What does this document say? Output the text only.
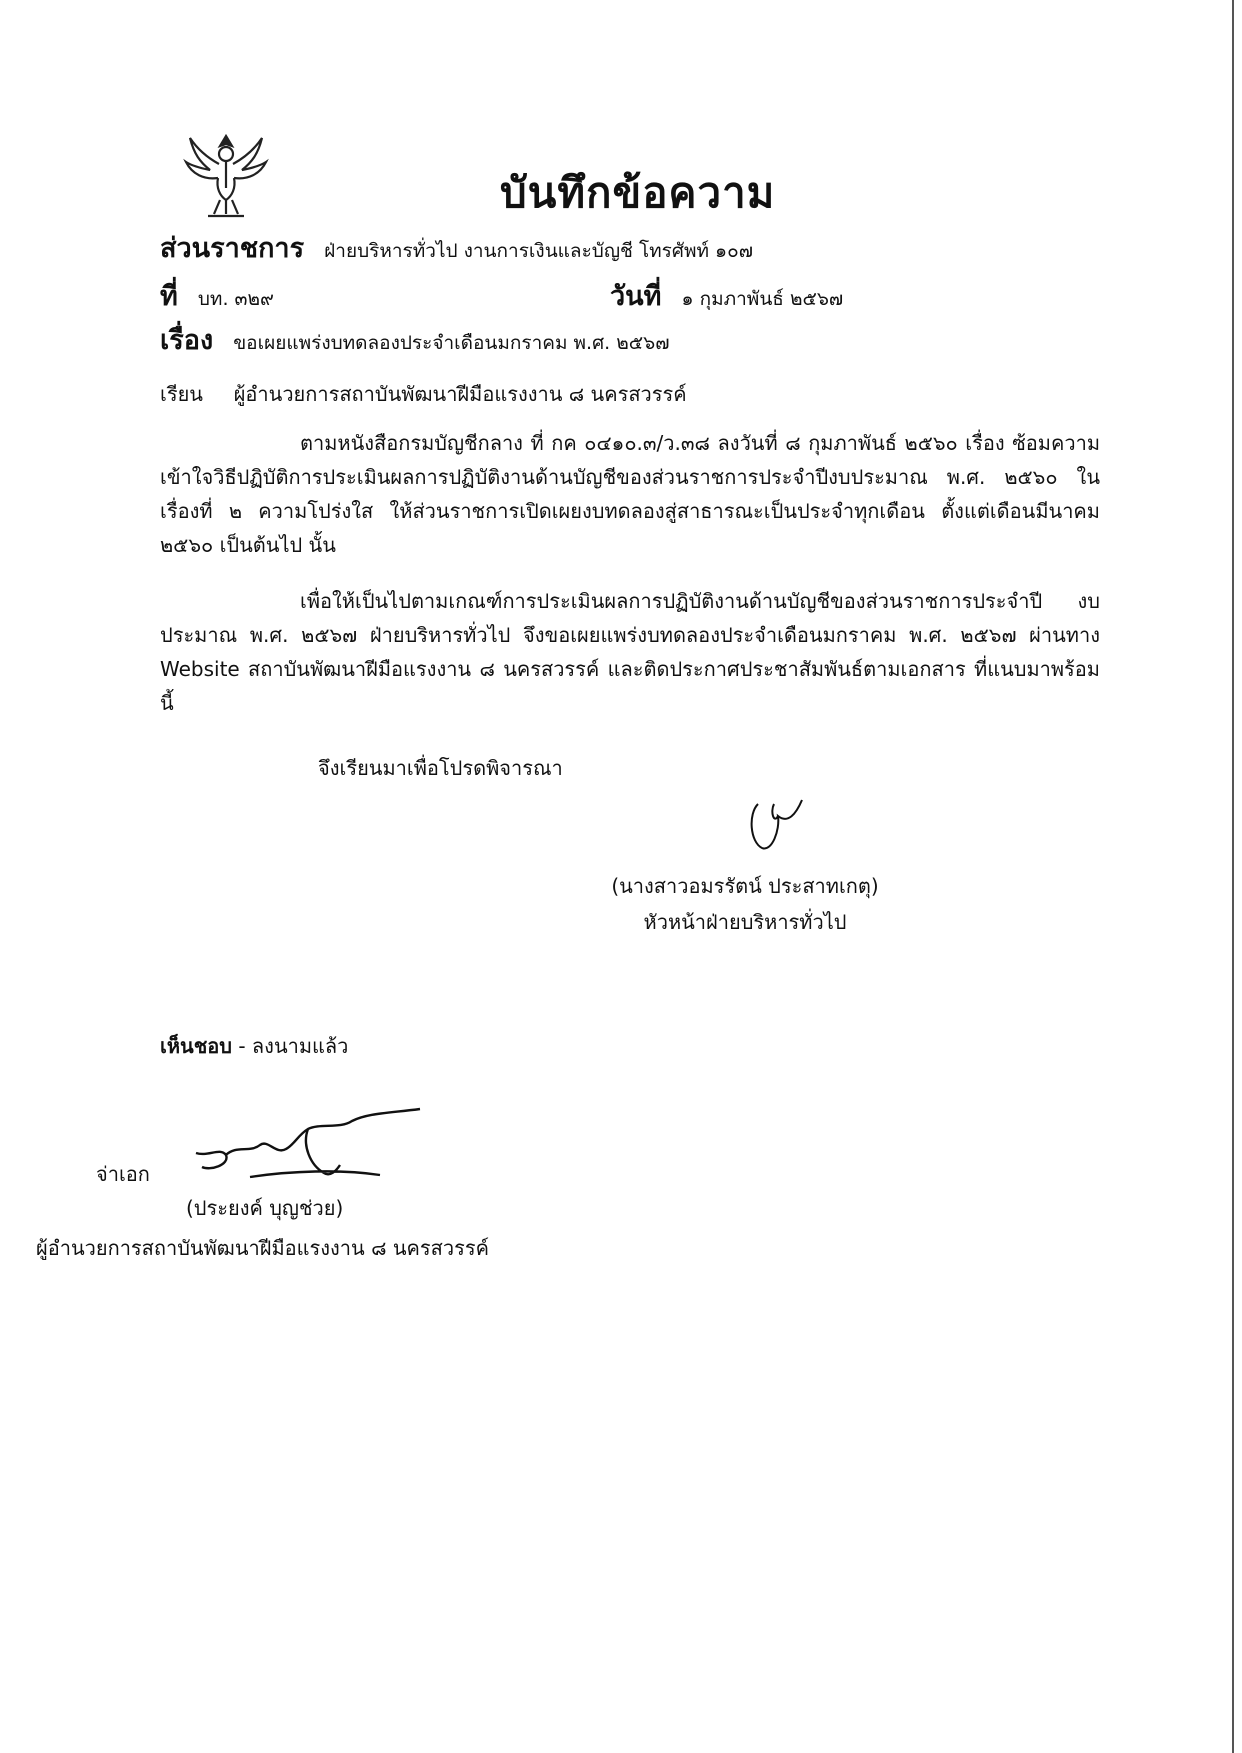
บันทึกข้อความ
ส่วนราชการ ฝ่ายบริหารทั่วไป งานการเงินและบัญชี โทรศัพท์ ๑๐๗
ที่ บท. ๓๒๙	วันที่ ๑ กุมภาพันธ์ ๒๕๖๗
เรื่อง ขอเผยแพร่งบทดลองประจำเดือนมกราคม พ.ศ. ๒๕๖๗
เรียน ผู้อำนวยการสถาบันพัฒนาฝีมือแรงงาน ๘ นครสวรรค์
ตามหนังสือกรมบัญชีกลาง ที่ กค ๐๔๑๐.๓/ว.๓๘ ลงวันที่ ๘ กุมภาพันธ์ ๒๕๖๐ เรื่อง ซ้อมความเข้าใจวิธีปฏิบัติการประเมินผลการปฏิบัติงานด้านบัญชีของส่วนราชการประจำปีงบประมาณ พ.ศ. ๒๕๖๐ ในเรื่องที่ ๒ ความโปร่งใส ให้ส่วนราชการเปิดเผยงบทดลองสู่สาธารณะเป็นประจำทุกเดือน ตั้งแต่เดือนมีนาคม ๒๕๖๐ เป็นต้นไป นั้น
เพื่อให้เป็นไปตามเกณฑ์การประเมินผลการปฏิบัติงานด้านบัญชีของส่วนราชการประจำปี งบประมาณ พ.ศ. ๒๕๖๗ ฝ่ายบริหารทั่วไป จึงขอเผยแพร่งบทดลองประจำเดือนมกราคม พ.ศ. ๒๕๖๗ ผ่านทาง Website สถาบันพัฒนาฝีมือแรงงาน ๘ นครสวรรค์ และติดประกาศประชาสัมพันธ์ตามเอกสาร ที่แนบมาพร้อมนี้
จึงเรียนมาเพื่อโปรดพิจารณา
(นางสาวอมรรัตน์ ประสาทเกตุ)
หัวหน้าฝ่ายบริหารทั่วไป
เห็นชอบ - ลงนามแล้ว
จ่าเอก
(ประยงค์ บุญช่วย)
ผู้อำนวยการสถาบันพัฒนาฝีมือแรงงาน ๘ นครสวรรค์
